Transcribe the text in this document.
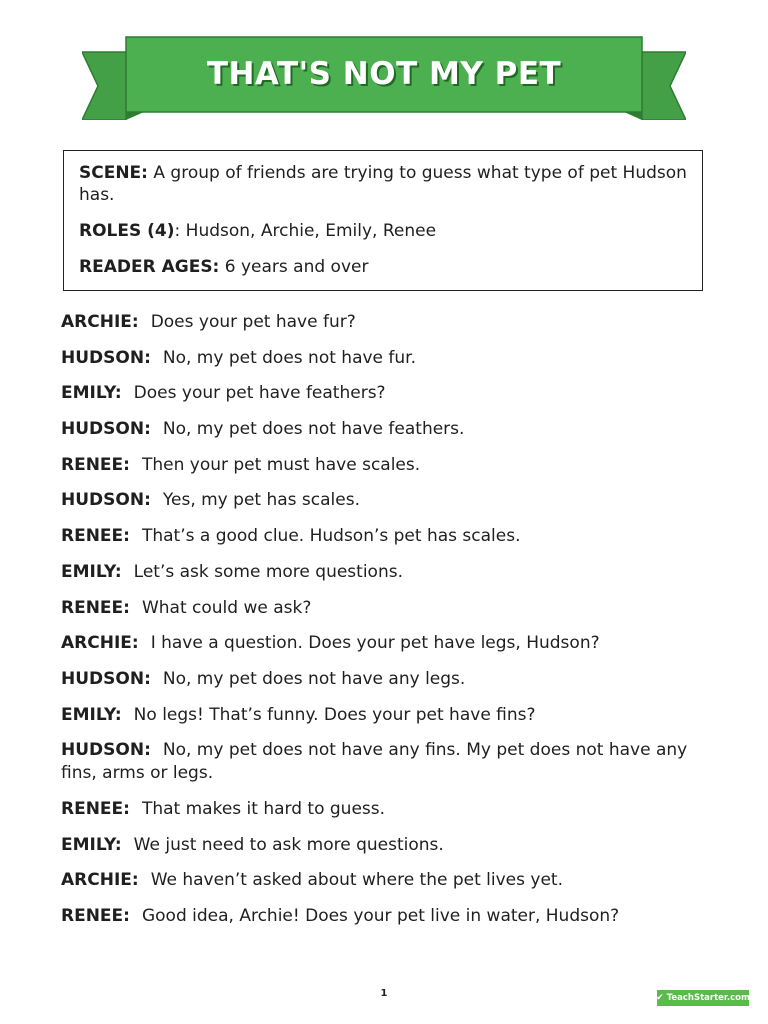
THAT'S NOT MY PET
SCENE: A group of friends are trying to guess what type of pet Hudson has.
ROLES (4): Hudson, Archie, Emily, Renee
READER AGES: 6 years and over
ARCHIE: Does your pet have fur?
HUDSON: No, my pet does not have fur.
EMILY: Does your pet have feathers?
HUDSON: No, my pet does not have feathers.
RENEE: Then your pet must have scales.
HUDSON: Yes, my pet has scales.
RENEE: That’s a good clue. Hudson’s pet has scales.
EMILY: Let’s ask some more questions.
RENEE: What could we ask?
ARCHIE: I have a question. Does your pet have legs, Hudson?
HUDSON: No, my pet does not have any legs.
EMILY: No legs! That’s funny. Does your pet have fins?
HUDSON: No, my pet does not have any fins. My pet does not have any fins, arms or legs.
RENEE: That makes it hard to guess.
EMILY: We just need to ask more questions.
ARCHIE: We haven’t asked about where the pet lives yet.
RENEE: Good idea, Archie! Does your pet live in water, Hudson?
1	✔ TeachStarter.com
